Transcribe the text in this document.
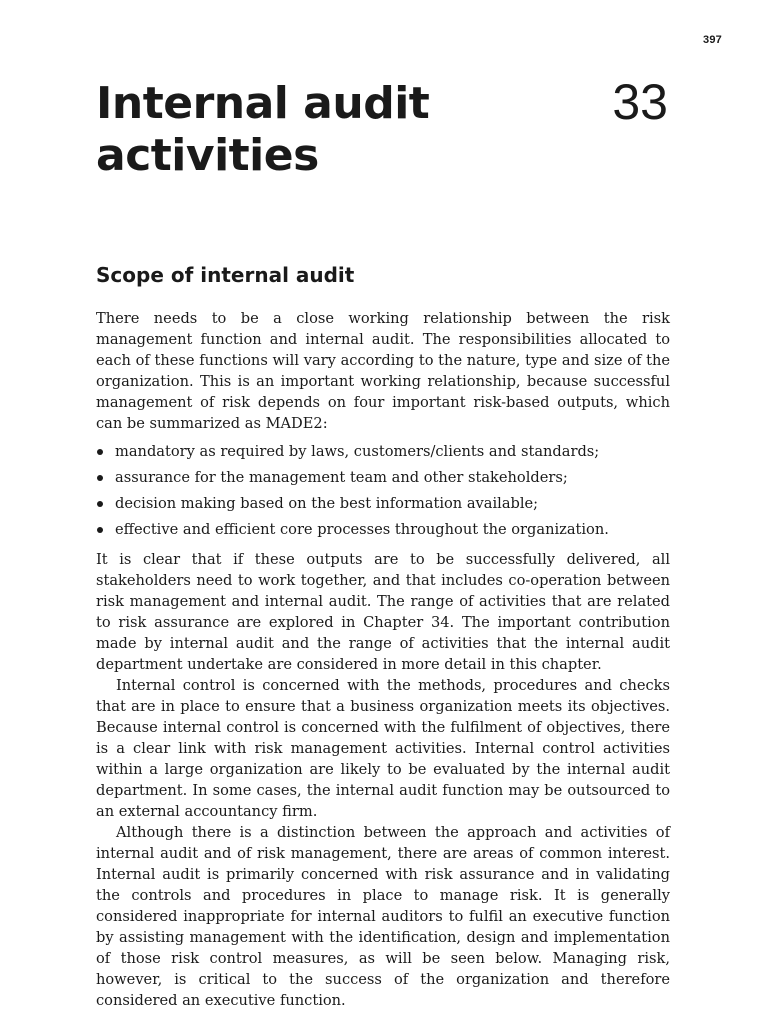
397
Internal audit activities
33
Scope of internal audit

There needs to be a close working relationship between the risk management function and internal audit. The responsibilities allocated to each of these functions will vary according to the nature, type and size of the organization. This is an important working relationship, because successful management of risk depends on four important risk-based outputs, which can be summarized as MADE2:

mandatory as required by laws, customers/clients and standards;
assurance for the management team and other stakeholders;
decision making based on the best information available;
effective and efficient core processes throughout the organization.

It is clear that if these outputs are to be successfully delivered, all stakeholders need to work together, and that includes co-operation between risk management and internal audit. The range of activities that are related to risk assurance are explored in Chapter 34. The important contribution made by internal audit and the range of activities that the internal audit department undertake are considered in more detail in this chapter.

Internal control is concerned with the methods, procedures and checks that are in place to ensure that a business organization meets its objectives. Because internal control is concerned with the fulfilment of objectives, there is a clear link with risk management activities. Internal control activities within a large organization are likely to be evaluated by the internal audit department. In some cases, the internal audit function may be outsourced to an external accountancy firm.

Although there is a distinction between the approach and activities of internal audit and of risk management, there are areas of common interest. Internal audit is primarily concerned with risk assurance and in validating the controls and procedures in place to manage risk. It is generally considered inappropriate for internal auditors to fulfil an executive function by assisting management with the identification, design and implementation of those risk control measures, as will be seen below. Managing risk, however, is critical to the success of the organization and therefore considered an executive function.
